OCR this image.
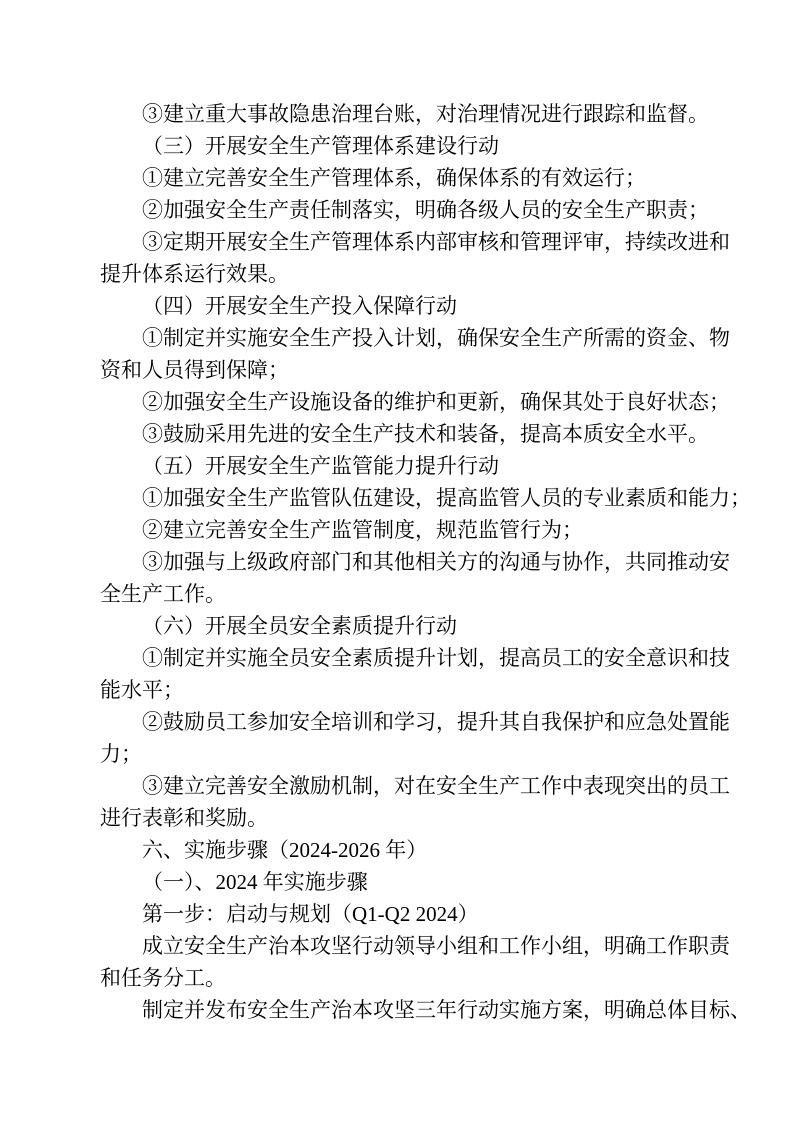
③建立重大事故隐患治理台账，对治理情况进行跟踪和监督。
（三）开展安全生产管理体系建设行动
①建立完善安全生产管理体系，确保体系的有效运行；
②加强安全生产责任制落实，明确各级人员的安全生产职责；
③定期开展安全生产管理体系内部审核和管理评审，持续改进和
提升体系运行效果。
（四）开展安全生产投入保障行动
①制定并实施安全生产投入计划，确保安全生产所需的资金、物
资和人员得到保障；
②加强安全生产设施设备的维护和更新，确保其处于良好状态；
③鼓励采用先进的安全生产技术和装备，提高本质安全水平。
（五）开展安全生产监管能力提升行动
①加强安全生产监管队伍建设，提高监管人员的专业素质和能力；
②建立完善安全生产监管制度，规范监管行为；
③加强与上级政府部门和其他相关方的沟通与协作，共同推动安
全生产工作。
（六）开展全员安全素质提升行动
①制定并实施全员安全素质提升计划，提高员工的安全意识和技
能水平；
②鼓励员工参加安全培训和学习，提升其自我保护和应急处置能
力；
③建立完善安全激励机制，对在安全生产工作中表现突出的员工
进行表彰和奖励。
六、实施步骤（2024-2026 年）
（一）、2024 年实施步骤
第一步：启动与规划（Q1-Q2 2024）
成立安全生产治本攻坚行动领导小组和工作小组，明确工作职责
和任务分工。
制定并发布安全生产治本攻坚三年行动实施方案，明确总体目标、
